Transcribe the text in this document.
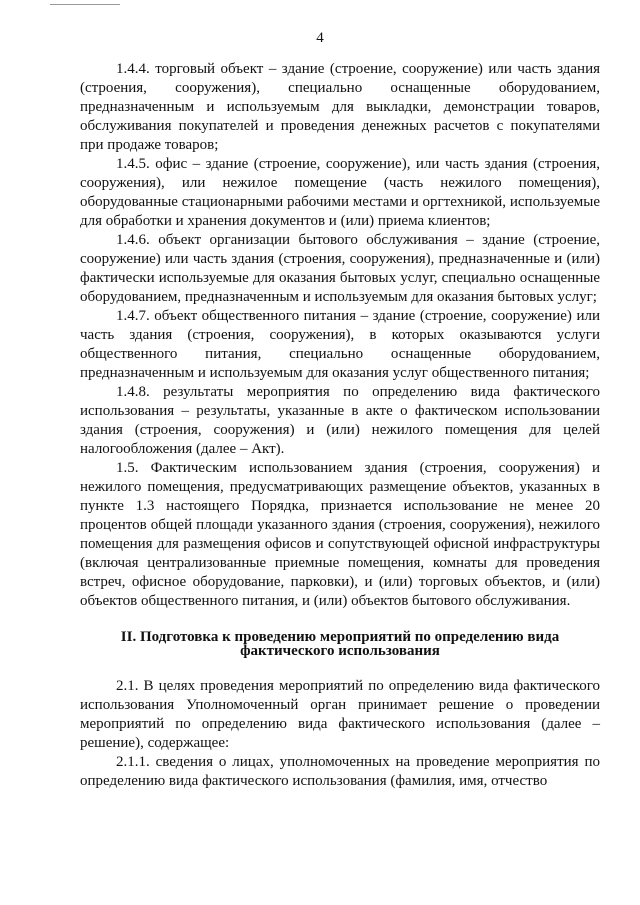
4

1.4.4. торговый объект – здание (строение, сооружение) или часть здания (строения, сооружения), специально оснащенные оборудованием, предназначенным и используемым для выкладки, демонстрации товаров, обслуживания покупателей и проведения денежных расчетов с покупателями при продаже товаров;

1.4.5. офис – здание (строение, сооружение), или часть здания (строения, сооружения), или нежилое помещение (часть нежилого помещения), оборудованные стационарными рабочими местами и оргтехникой, используемые для обработки и хранения документов и (или) приема клиентов;

1.4.6. объект организации бытового обслуживания – здание (строение, сооружение) или часть здания (строения, сооружения), предназначенные и (или) фактически используемые для оказания бытовых услуг, специально оснащенные оборудованием, предназначенным и используемым для оказания бытовых услуг;

1.4.7. объект общественного питания – здание (строение, сооружение) или часть здания (строения, сооружения), в которых оказываются услуги общественного питания, специально оснащенные оборудованием, предназначенным и используемым для оказания услуг общественного питания;

1.4.8. результаты мероприятия по определению вида фактического использования – результаты, указанные в акте о фактическом использовании здания (строения, сооружения) и (или) нежилого помещения для целей налогообложения (далее – Акт).

1.5. Фактическим использованием здания (строения, сооружения) и нежилого помещения, предусматривающих размещение объектов, указанных в пункте 1.3 настоящего Порядка, признается использование не менее 20 процентов общей площади указанного здания (строения, сооружения), нежилого помещения для размещения офисов и сопутствующей офисной инфраструктуры (включая централизованные приемные помещения, комнаты для проведения встреч, офисное оборудование, парковки), и (или) торговых объектов, и (или) объектов общественного питания, и (или) объектов бытового обслуживания.

II. Подготовка к проведению мероприятий по определению вида фактического использования

2.1. В целях проведения мероприятий по определению вида фактического использования Уполномоченный орган принимает решение о проведении мероприятий по определению вида фактического использования (далее – решение), содержащее:

2.1.1. сведения о лицах, уполномоченных на проведение мероприятия по определению вида фактического использования (фамилия, имя, отчество
